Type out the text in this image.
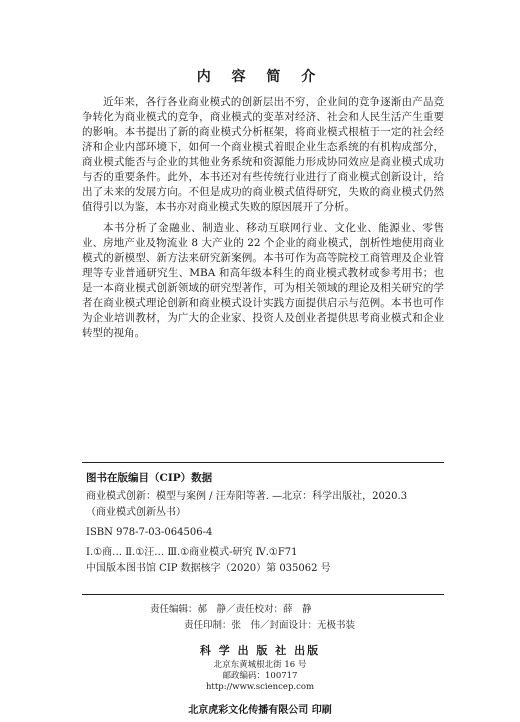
内 容 简 介

近年来，各行各业商业模式的创新层出不穷，企业间的竞争逐渐由产品竞争转化为商业模式的竞争，商业模式的变革对经济、社会和人民生活产生重要的影响。本书提出了新的商业模式分析框架，将商业模式根植于一定的社会经济和企业内部环境下，如何一个商业模式着眼企业生态系统的有机构成部分，商业模式能否与企业的其他业务系统和资源能力形成协同效应是商业模式成功与否的重要条件。此外，本书还对有些传统行业进行了商业模式创新设计，给出了未来的发展方向。不但是成功的商业模式值得研究，失败的商业模式仍然值得引以为鉴，本书亦对商业模式失败的原因展开了分析。

本书分析了金融业、制造业、移动互联网行业、文化业、能源业、零售业、房地产业及物流业 8 大产业的 22 个企业的商业模式，剖析性地使用商业模式的新模型、新方法来研究新案例。本书可作为高等院校工商管理及企业管理等专业普通研究生、MBA 和高年级本科生的商业模式教材或参考用书；也是一本商业模式创新领域的研究型著作，可为相关领域的理论及相关研究的学者在商业模式理论创新和商业模式设计实践方面提供启示与范例。本书也可作为企业培训教材，为广大的企业家、投资人及创业者提供思考商业模式和企业转型的视角。

图书在版编目（CIP）数据
商业模式创新：模型与案例 / 汪寿阳等著. —北京：科学出版社，2020.3
（商业模式创新丛书）
ISBN 978-7-03-064506-4
Ⅰ.①商… Ⅱ.①汪… Ⅲ.①商业模式-研究 Ⅳ.①F71
中国版本图书馆 CIP 数据核字（2020）第 035062 号
责任编辑：郝　静／责任校对：薛　静
责任印制：张　伟／封面设计：无极书装
科 学 出 版 社 出版
北京东黄城根北街 16 号
邮政编码：100717
http://www.sciencep.com
北京虎彩文化传播有限公司 印刷
